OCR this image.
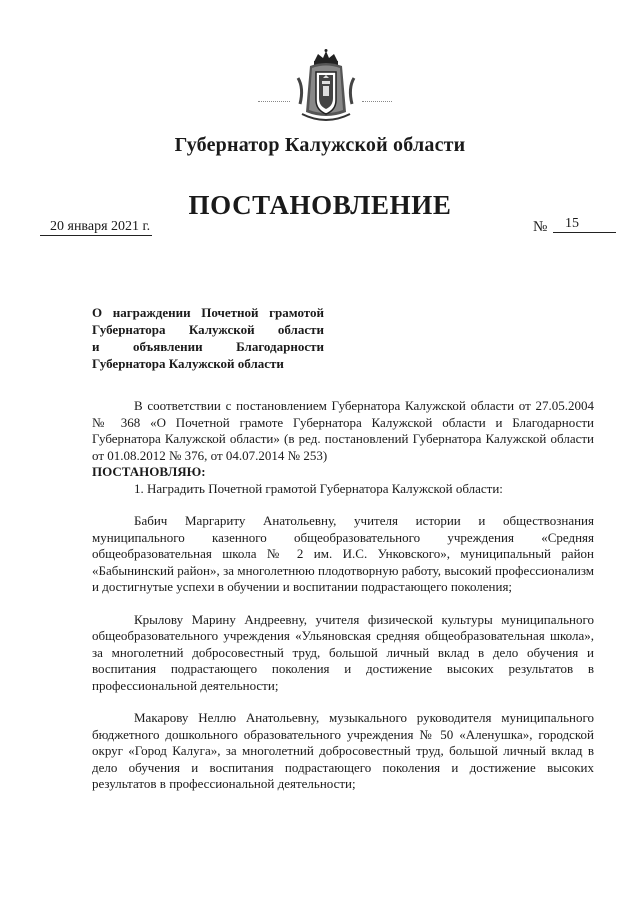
Губернатор Калужской области
ПОСТАНОВЛЕНИЕ
20 января 2021 г.	№	15
О награждении Почетной грамотой
Губернатора Калужской области
и объявлении Благодарности
Губернатора Калужской области

В соответствии с постановлением Губернатора Калужской области от 27.05.2004 № 368 «О Почетной грамоте Губернатора Калужской области и Благодарности Губернатора Калужской области» (в ред. постановлений Губернатора Калужской области от 01.08.2012 № 376, от 04.07.2014 № 253)

ПОСТАНОВЛЯЮ:

1. Наградить Почетной грамотой Губернатора Калужской области:

Бабич Маргариту Анатольевну, учителя истории и обществознания муниципального казенного общеобразовательного учреждения «Средняя общеобразовательная школа № 2 им. И.С. Унковского», муниципальный район «Бабынинский район», за многолетнюю плодотворную работу, высокий профессионализм и достигнутые успехи в обучении и воспитании подрастающего поколения;

Крылову Марину Андреевну, учителя физической культуры муниципального общеобразовательного учреждения «Ульяновская средняя общеобразовательная школа», за многолетний добросовестный труд, большой личный вклад в дело обучения и воспитания подрастающего поколения и достижение высоких результатов в профессиональной деятельности;

Макарову Неллю Анатольевну, музыкального руководителя муниципального бюджетного дошкольного образовательного учреждения № 50 «Аленушка», городской округ «Город Калуга», за многолетний добросовестный труд, большой личный вклад в дело обучения и воспитания подрастающего поколения и достижение высоких результатов в профессиональной деятельности;
